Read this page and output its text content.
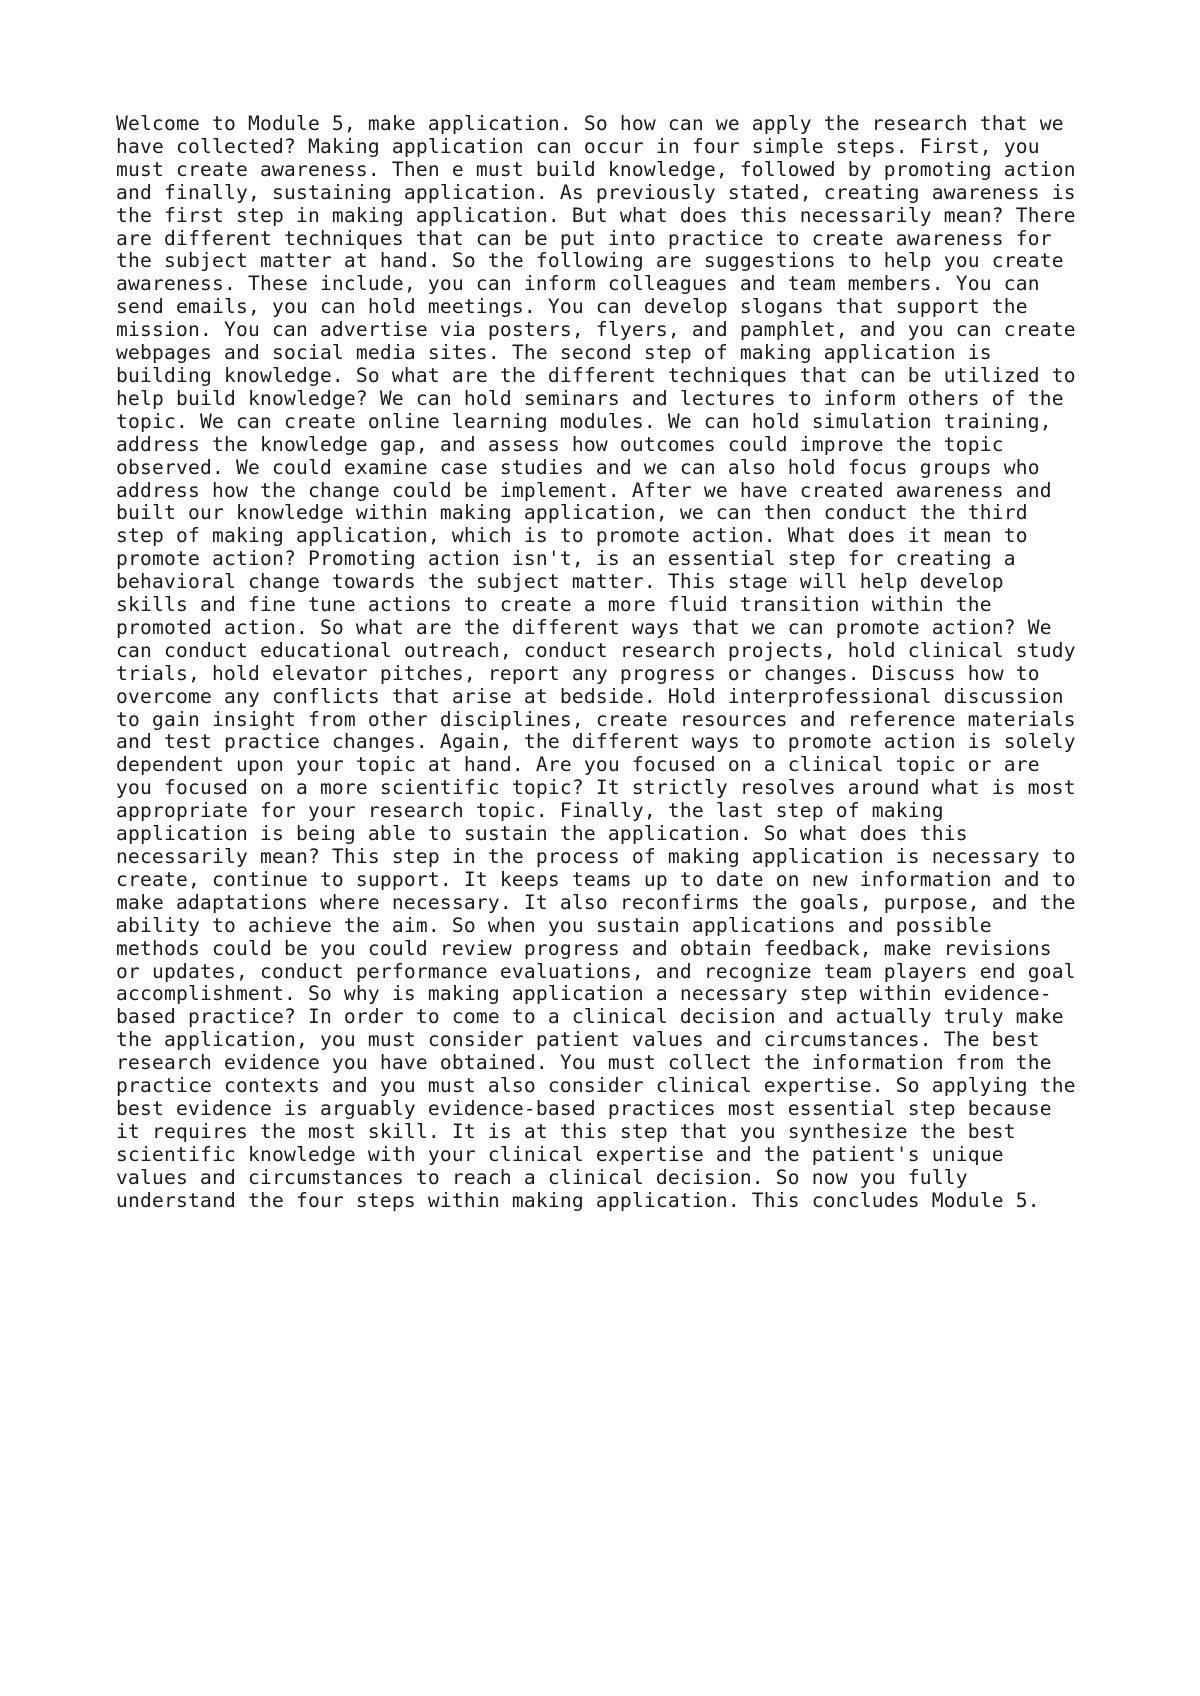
Welcome to Module 5, make application. So how can we apply the research that we
have collected? Making application can occur in four simple steps. First, you
must create awareness. Then e must build knowledge, followed by promoting action
and finally, sustaining application. As previously stated, creating awareness is
the first step in making application. But what does this necessarily mean? There
are different techniques that can be put into practice to create awareness for
the subject matter at hand. So the following are suggestions to help you create
awareness. These include, you can inform colleagues and team members. You can
send emails, you can hold meetings. You can develop slogans that support the
mission. You can advertise via posters, flyers, and pamphlet, and you can create
webpages and social media sites. The second step of making application is
building knowledge. So what are the different techniques that can be utilized to
help build knowledge? We can hold seminars and lectures to inform others of the
topic. We can create online learning modules. We can hold simulation training,
address the knowledge gap, and assess how outcomes could improve the topic
observed. We could examine case studies and we can also hold focus groups who
address how the change could be implement. After we have created awareness and
built our knowledge within making application, we can then conduct the third
step of making application, which is to promote action. What does it mean to
promote action? Promoting action isn't, is an essential step for creating a
behavioral change towards the subject matter. This stage will help develop
skills and fine tune actions to create a more fluid transition within the
promoted action. So what are the different ways that we can promote action? We
can conduct educational outreach, conduct research projects, hold clinical study
trials, hold elevator pitches, report any progress or changes. Discuss how to
overcome any conflicts that arise at bedside. Hold interprofessional discussion
to gain insight from other disciplines, create resources and reference materials
and test practice changes. Again, the different ways to promote action is solely
dependent upon your topic at hand. Are you focused on a clinical topic or are
you focused on a more scientific topic? It strictly resolves around what is most
appropriate for your research topic. Finally, the last step of making
application is being able to sustain the application. So what does this
necessarily mean? This step in the process of making application is necessary to
create, continue to support. It keeps teams up to date on new information and to
make adaptations where necessary. It also reconfirms the goals, purpose, and the
ability to achieve the aim. So when you sustain applications and possible
methods could be you could review progress and obtain feedback, make revisions
or updates, conduct performance evaluations, and recognize team players end goal
accomplishment. So why is making application a necessary step within evidence-
based practice? In order to come to a clinical decision and actually truly make
the application, you must consider patient values and circumstances. The best
research evidence you have obtained. You must collect the information from the
practice contexts and you must also consider clinical expertise. So applying the
best evidence is arguably evidence-based practices most essential step because
it requires the most skill. It is at this step that you synthesize the best
scientific knowledge with your clinical expertise and the patient's unique
values and circumstances to reach a clinical decision. So now you fully
understand the four steps within making application. This concludes Module 5.
